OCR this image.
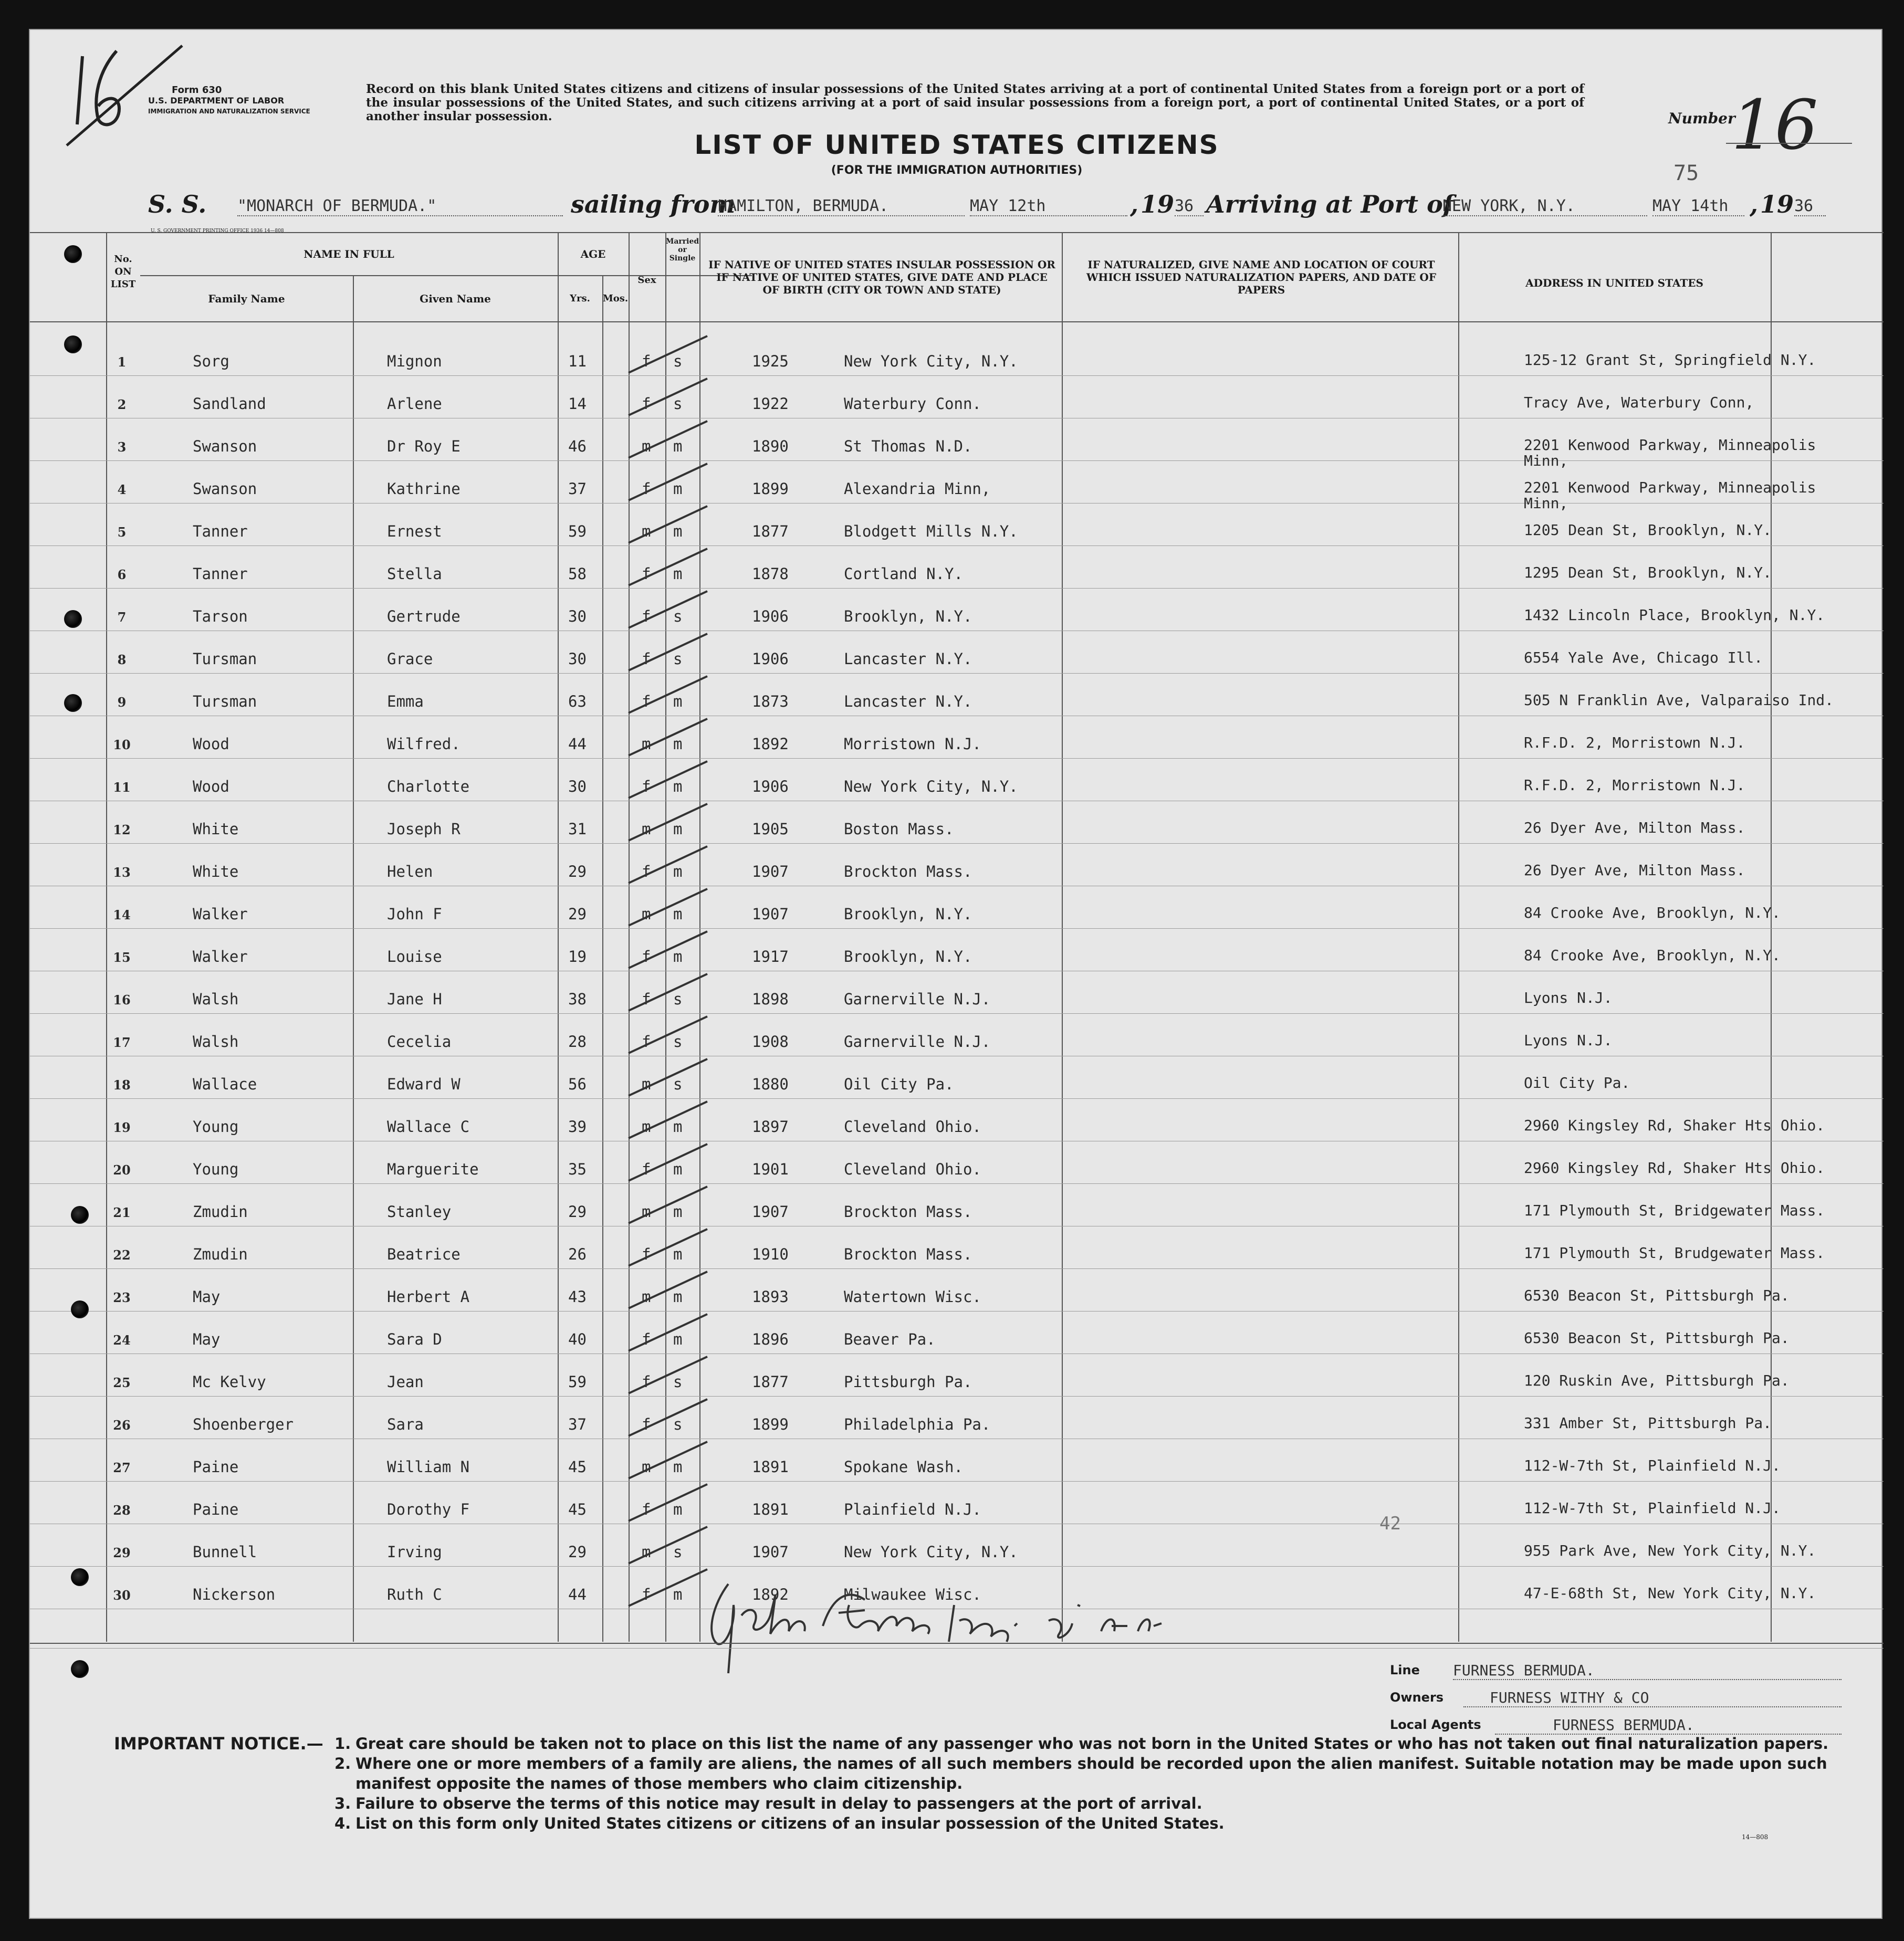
Form 630
U.S. DEPARTMENT OF LABOR
IMMIGRATION AND NATURALIZATION SERVICE
Record on this blank United States citizens and citizens of insular possessions of the United States arriving at a port of continental United States from a foreign port or a port of the insular possessions of the United States, and such citizens arriving at a port of said insular possessions from a foreign port, a port of continental United States, or a port of another insular possession.
LIST OF UNITED STATES CITIZENS
(FOR THE IMMIGRATION AUTHORITIES)
Number
16
75
S. S. "MONARCH OF BERMUDA."
U. S. GOVERNMENT PRINTING OFFICE 1936 14—808
sailing from
HAMILTON, BERMUDA.	MAY 12th	, 19 36 Arriving at Port of
NEW YORK, N.Y.	MAY 14th , 19 36
No. ON LIST
NAME IN FULL
Family Name	Given Name
AGE
Yrs.	Mos.
Sex
Married or Single	IF NATIVE OF UNITED STATES INSULAR POSSESSION OR IF NATIVE OF UNITED STATES, GIVE DATE AND PLACE OF BIRTH (CITY OR TOWN AND STATE)
IF NATURALIZED, GIVE NAME AND LOCATION OF COURT WHICH ISSUED NATURALIZATION PAPERS, AND DATE OF PAPERS
ADDRESS IN UNITED STATES
1	Sorg	Mignon	11	f s	1925	New York City, N.Y.	125-12 Grant St, Springfield N.Y.
2	Sandland	Arlene	14	f s	1922	Waterbury Conn.	Tracy Ave, Waterbury Conn,
3	Swanson	Dr Roy E	46	m m	1890	St Thomas N.D.	2201 Kenwood Parkway, Minneapolis Minn,
4	Swanson	Kathrine	37	f m	1899	Alexandria Minn,	2201 Kenwood Parkway, Minneapolis Minn,
5	Tanner	Ernest	59	m m	1877	Blodgett Mills N.Y.	1205 Dean St, Brooklyn, N.Y.
6	Tanner	Stella	58	f m	1878	Cortland N.Y.	1295 Dean St, Brooklyn, N.Y.
7	Tarson	Gertrude	30	f s	1906	Brooklyn, N.Y.	1432 Lincoln Place, Brooklyn, N.Y.
8	Tursman	Grace	30	f s	1906	Lancaster N.Y.	6554 Yale Ave, Chicago Ill.
9	Tursman	Emma	63	f m	1873	Lancaster N.Y.	505 N Franklin Ave, Valparaiso Ind.
10	Wood	Wilfred.	44	m m	1892	Morristown N.J.	R.F.D. 2, Morristown N.J.
11	Wood	Charlotte	30	f m	1906	New York City, N.Y.	R.F.D. 2, Morristown N.J.
12	White	Joseph R	31	m m	1905	Boston Mass.	26 Dyer Ave, Milton Mass.
13	White	Helen	29	f m	1907	Brockton Mass.	26 Dyer Ave, Milton Mass.
14	Walker	John F	29	m m	1907	Brooklyn, N.Y.	84 Crooke Ave, Brooklyn, N.Y.
15	Walker	Louise	19	f m	1917	Brooklyn, N.Y.	84 Crooke Ave, Brooklyn, N.Y.
16	Walsh	Jane H	38	f s	1898	Garnerville N.J.	Lyons N.J.
17	Walsh	Cecelia	28	f s	1908	Garnerville N.J.	Lyons N.J.
18	Wallace	Edward W	56	m s	1880	Oil City Pa.	Oil City Pa.
19	Young	Wallace C	39	m m	1897	Cleveland Ohio.	2960 Kingsley Rd, Shaker Hts Ohio.
20	Young	Marguerite	35	f m	1901	Cleveland Ohio.	2960 Kingsley Rd, Shaker Hts Ohio.
21	Zmudin	Stanley	29	m m	1907	Brockton Mass.	171 Plymouth St, Bridgewater Mass.
22	Zmudin	Beatrice	26	f m	1910	Brockton Mass.	171 Plymouth St, Brudgewater Mass.
23	May	Herbert A	43	m m	1893	Watertown Wisc.	6530 Beacon St, Pittsburgh Pa.
24	May	Sara D	40	f m	1896	Beaver Pa.	6530 Beacon St, Pittsburgh Pa.
25	Mc Kelvy	Jean	59	f s	1877	Pittsburgh Pa.	120 Ruskin Ave, Pittsburgh Pa.
26	Shoenberger	Sara	37	f s	1899	Philadelphia Pa.	331 Amber St, Pittsburgh Pa.
27	Paine	William N	45	m m	1891	Spokane Wash.	112-W-7th St, Plainfield N.J.
28	Paine	Dorothy F	45	f m	1891	Plainfield N.J.	112-W-7th St, Plainfield N.J.
29	Bunnell	Irving	29	m s	1907	New York City, N.Y.	955 Park Ave, New York City, N.Y.
30	Nickerson	Ruth C	44	f m	1892	Milwaukee Wisc.	47-E-68th St, New York City, N.Y.
42
Line FURNESS BERMUDA.
Owners	FURNESS WITHY & CO
Local Agents	FURNESS BERMUDA.
IMPORTANT NOTICE.— 1. Great care should be taken not to place on this list the name of any passenger who was not born in the United States or who has not taken out final naturalization papers.
2. Where one or more members of a family are aliens, the names of all such members should be recorded upon the alien manifest. Suitable notation may be made upon such manifest opposite the names of those members who claim citizenship.
3. Failure to observe the terms of this notice may result in delay to passengers at the port of arrival.
4. List on this form only United States citizens or citizens of an insular possession of the United States.
14—808
